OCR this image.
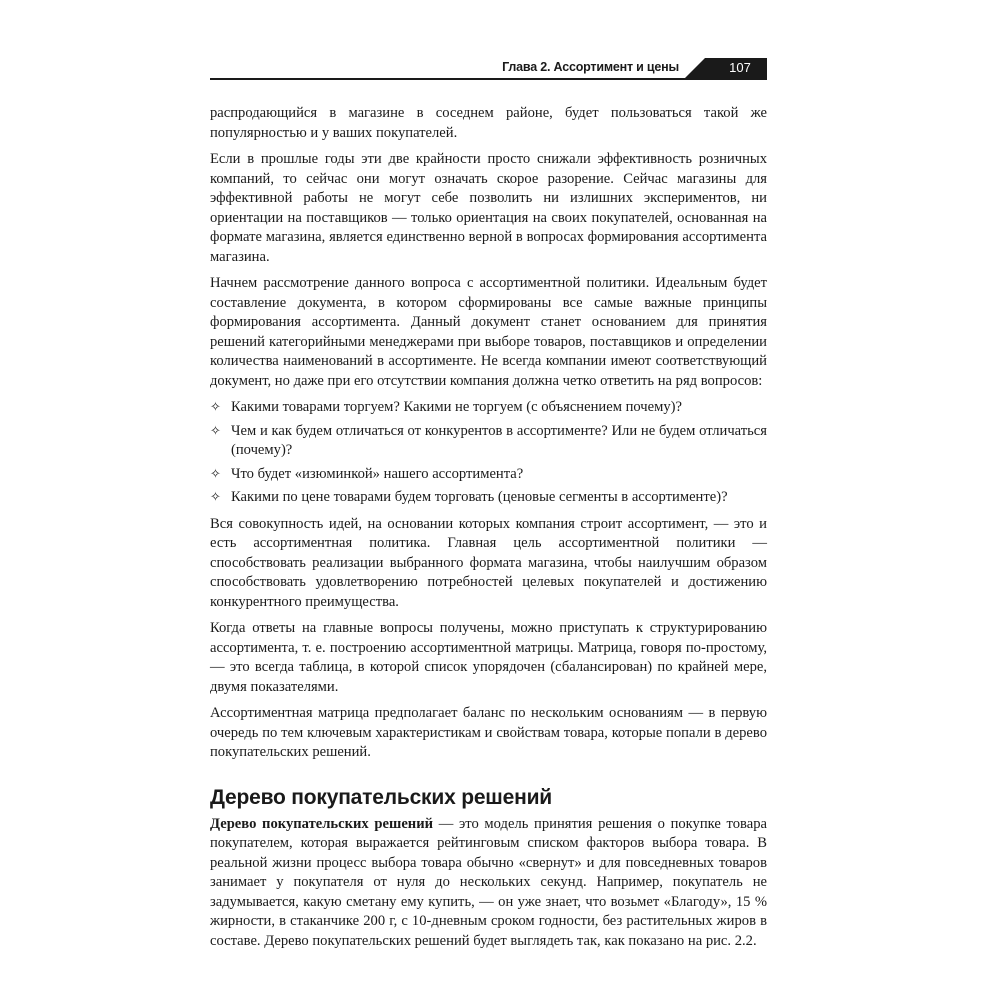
Глава 2. Ассортимент и цены	107

распродающийся в магазине в соседнем районе, будет пользоваться такой же популярностью и у ваших покупателей.

Если в прошлые годы эти две крайности просто снижали эффективность розничных компаний, то сейчас они могут означать скорое разорение. Сейчас магазины для эффективной работы не могут себе позволить ни излишних экспериментов, ни ориентации на поставщиков — только ориентация на своих покупателей, основанная на формате магазина, является единственно верной в вопросах формирования ассортимента магазина.

Начнем рассмотрение данного вопроса с ассортиментной политики. Идеальным будет составление документа, в котором сформированы все самые важные принципы формирования ассортимента. Данный документ станет основанием для принятия решений категорийными менеджерами при выборе товаров, поставщиков и определении количества наименований в ассортименте. Не всегда компании имеют соответствующий документ, но даже при его отсутствии компания должна четко ответить на ряд вопросов:

✧ Какими товарами торгуем? Какими не торгуем (с объяснением почему)?
✧ Чем и как будем отличаться от конкурентов в ассортименте? Или не будем отличаться (почему)?
✧ Что будет «изюминкой» нашего ассортимента?
✧ Какими по цене товарами будем торговать (ценовые сегменты в ассортименте)?

Вся совокупность идей, на основании которых компания строит ассортимент, — это и есть ассортиментная политика. Главная цель ассортиментной политики — способствовать реализации выбранного формата магазина, чтобы наилучшим образом способствовать удовлетворению потребностей целевых покупателей и достижению конкурентного преимущества.

Когда ответы на главные вопросы получены, можно приступать к структурированию ассортимента, т. е. построению ассортиментной матрицы. Матрица, говоря по-простому, — это всегда таблица, в которой список упорядочен (сбалансирован) по крайней мере, двумя показателями.

Ассортиментная матрица предполагает баланс по нескольким основаниям — в первую очередь по тем ключевым характеристикам и свойствам товара, которые попали в дерево покупательских решений.

Дерево покупательских решений

Дерево покупательских решений — это модель принятия решения о покупке товара покупателем, которая выражается рейтинговым списком факторов выбора товара. В реальной жизни процесс выбора товара обычно «свернут» и для повседневных товаров занимает у покупателя от нуля до нескольких секунд. Например, покупатель не задумывается, какую сметану ему купить, — он уже знает, что возьмет «Благоду», 15 % жирности, в стаканчике 200 г, с 10-дневным сроком годности, без растительных жиров в составе. Дерево покупательских решений будет выглядеть так, как показано на рис. 2.2.
